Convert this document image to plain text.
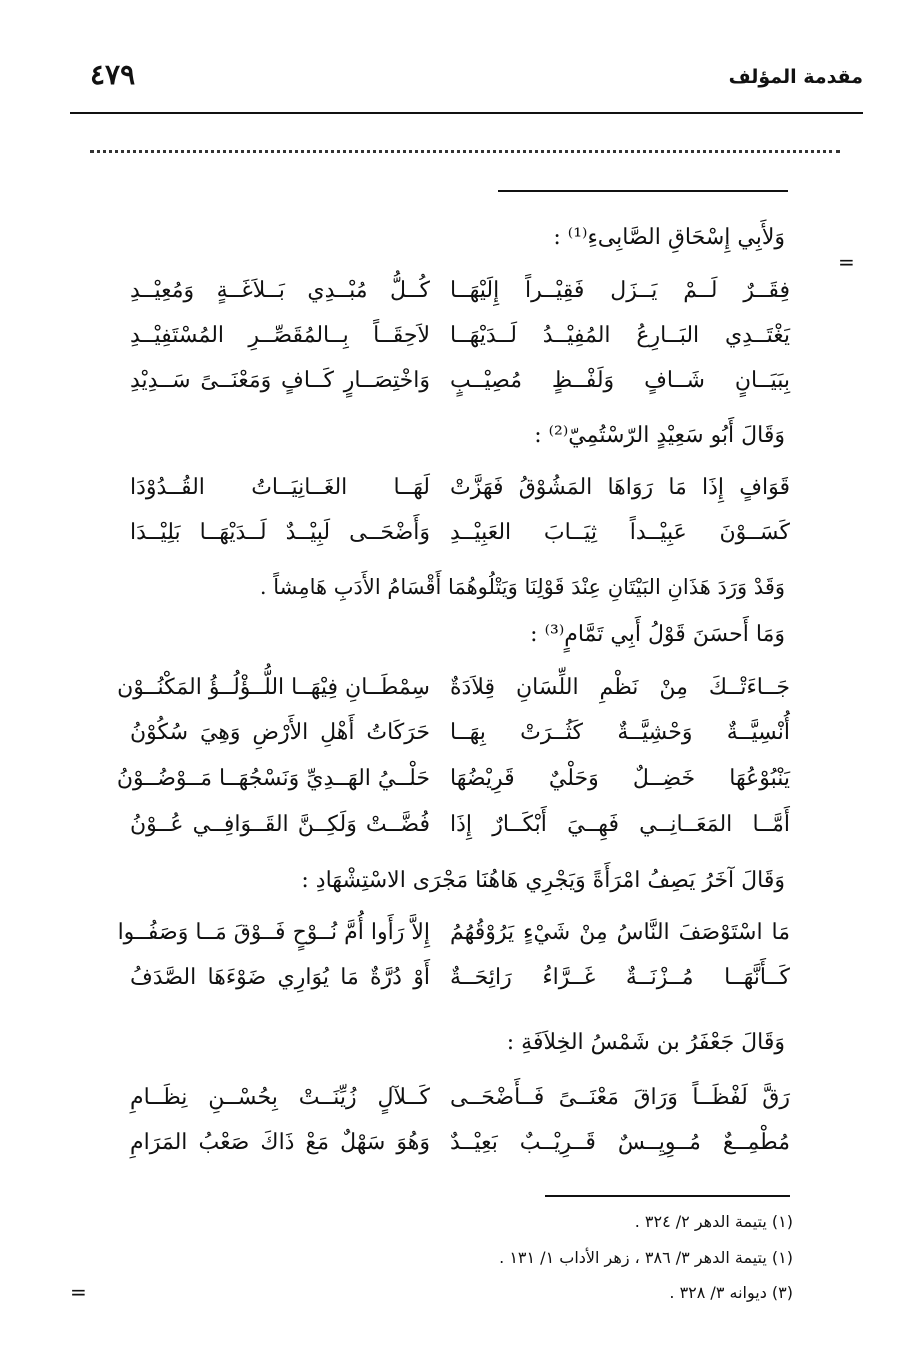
مقدمة المؤلف
٤٧٩
=
وَلأَبِي إِسْحَاقِ الصَّابِىءِ⁽¹⁾ :
فِقَــرٌ لَــمْ يَــزَل فَقِيْــراً إِلَيْهَــا
كُــلُّ مُبْــدِي بَــلاَغَــةٍ وَمُعِيْــدِ
يَغْتَــدِي البَــارِعُ المُفِيْــدُ لَــدَيْهَــا
لاَحِقَــاً بِــالمُقَصِّــرِ المُسْتَفِيْــدِ
بِبَيَــانٍ شَــافٍ وَلَفْــظٍ مُصِيْــبٍ
وَاخْتِصَــارٍ كَــافٍ وَمَعْنَــىً سَــدِيْدِ
وَقَالَ أَبُو سَعِيْدٍ الرّسْتُمِيّ⁽²⁾ :
قَوَافٍ إِذَا مَا رَوَاهَا المَشُوْقُ فَهَزَّتْ
لَهَــا الغَــانِيَــاتُ القُــدُوْدَا
كَسَــوْنَ عَبِيْــداً ثِيَــابَ العَبِيْــدِ
وَأَضْحَــى لَبِيْــدٌ لَــدَيْهَــا بَلِيْــدَا
وَقَدْ وَرَدَ هَذَانِ البَيْتَانِ عِنْدَ قَوْلِنَا وَيَتْلُوهُمَا أَقْسَامُ الأَدَبِ هَامِشاً .
وَمَا أَحسَنَ قَوْلُ أَبِي تَمَّامٍ⁽³⁾ :
جَــاءَتْــكَ مِنْ نَظْمِ اللِّسَانِ قِلاَدَةٌ
سِمْطَــانِ فِيْهَــا اللُّــؤْلُــؤُ المَكْنُــوْن
أُنْسِيَّــةٌ وَحْشِيَّــةٌ كَثُــرَتْ بِهَــا
حَرَكَاتُ أَهْلِ الأَرْضِ وَهِيَ سُكُوْنُ
يَنْبُوْعُهَا خَضِــلٌ وَحَلْيٌ قَرِيْضُهَا
حَلْــيُ الهَــدِيِّ وَنَسْجُهَــا مَــوْضُــوْنُ
أَمَّــا المَعَــانِــي فَهِــيَ أَبْكَــارٌ إِذَا
فُضَّــتْ وَلَكِــنَّ القَــوَافِــي عُــوْنُ
وَقَالَ آخَرُ يَصِفُ امْرَأَةً وَيَجْرِي هَاهُنَا مَجْرَى الاسْتِشْهَادِ :
مَا اسْتَوْصَفَ النَّاسُ مِنْ شَيْءٍ يَرُوْقُهُمُ
إِلاَّ رَأَوا أُمَّ نُــوْحٍ فَــوْقَ مَــا وَصَفُــوا
كَــأَنَّهَــا مُــزْنَــةٌ غَــرَّاءُ رَائِحَــةٌ
أَوْ دُرَّةٌ مَا يُوَارِي ضَوْءَهَا الصَّدَفُ
وَقَالَ جَعْفَرُ بن شَمْسُ الخِلاَفَةِ :
رَقَّ لَفْظَــاً وَرَاقَ مَعْنَــىً فَــأَضْحَــى
كَــلآلٍ زُيِّنَــتْ بِحُسْــنِ نِظَــامِ
مُطْمِــعٌ مُــوِيِــسٌ قَــرِيْــبٌ بَعِيْــدٌ
وَهُوَ سَهْلٌ مَعْ ذَاكَ صَعْبُ المَرَامِ
(١) يتيمة الدهر ٢/ ٣٢٤ .
(١) يتيمة الدهر ٣/ ٣٨٦ ، زهر الأداب ١/ ١٣١ .
(٣) ديوانه ٣/ ٣٢٨ .
=
